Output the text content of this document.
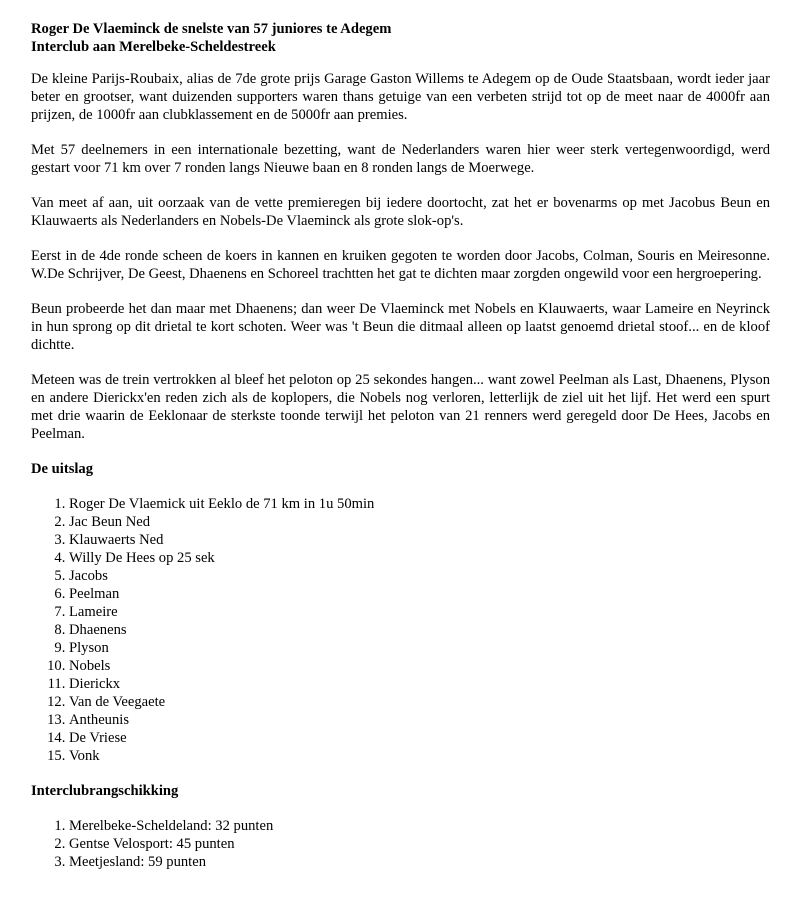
Roger De Vlaeminck de snelste van 57 juniores te Adegem
Interclub aan Merelbeke-Scheldestreek

De kleine Parijs-Roubaix, alias de 7de grote prijs Garage Gaston Willems te Adegem op de Oude Staatsbaan, wordt ieder jaar beter en grootser, want duizenden supporters waren thans getuige van een verbeten strijd tot op de meet naar de 4000fr aan prijzen, de 1000fr aan clubklassement en de 5000fr aan premies.

Met 57 deelnemers in een internationale bezetting, want de Nederlanders waren hier weer sterk vertegenwoordigd, werd gestart voor 71 km over 7 ronden langs Nieuwe baan en 8 ronden langs de Moerwege.

Van meet af aan, uit oorzaak van de vette premieregen bij iedere doortocht, zat het er bovenarms op met Jacobus Beun en Klauwaerts als Nederlanders en Nobels-De Vlaeminck als grote slok-op's.

Eerst in de 4de ronde scheen de koers in kannen en kruiken gegoten te worden door Jacobs, Colman, Souris en Meiresonne. W.De Schrijver, De Geest, Dhaenens en Schoreel trachtten het gat te dichten maar zorgden ongewild voor een hergroepering.

Beun probeerde het dan maar met Dhaenens; dan weer De Vlaeminck met Nobels en Klauwaerts, waar Lameire en Neyrinck in hun sprong op dit drietal te kort schoten. Weer was 't Beun die ditmaal alleen op laatst genoemd drietal stoof... en de kloof dichtte.

Meteen was de trein vertrokken al bleef het peloton op 25 sekondes hangen... want zowel Peelman als Last, Dhaenens, Plyson en andere Dierickx'en reden zich als de koplopers, die Nobels nog verloren, letterlijk de ziel uit het lijf. Het werd een spurt met drie waarin de Eeklonaar de sterkste toonde terwijl het peloton van 21 renners werd geregeld door De Hees, Jacobs en Peelman.

De uitslag
1. Roger De Vlaemick uit Eeklo de 71 km in 1u 50min
2. Jac Beun Ned
3. Klauwaerts Ned
4. Willy De Hees op 25 sek
5. Jacobs
6. Peelman
7. Lameire
8. Dhaenens
9. Plyson
10. Nobels
11. Dierickx
12. Van de Veegaete
13. Antheunis
14. De Vriese
15. Vonk
Interclubrangschikking
1. Merelbeke-Scheldeland: 32 punten
2. Gentse Velosport: 45 punten
3. Meetjesland: 59 punten
